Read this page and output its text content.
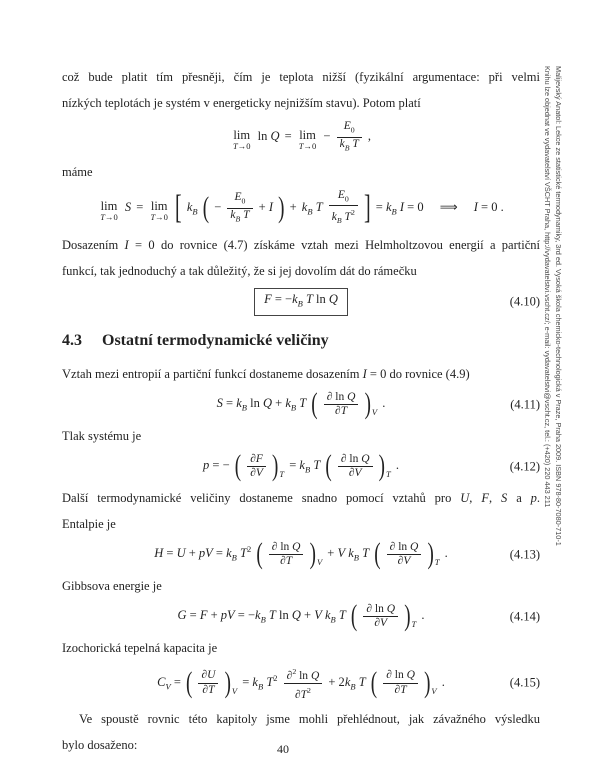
což bude platit tím přesněji, čím je teplota nižší (fyzikální argumentace: při velmi
nízkých teplotách je systém v energeticky nejnižším stavu). Potom platí
lim
T→0
ln Q = lim
T→0
− $\frac{E_0}{k_B T}$ ,
máme
lim
T→0
S = lim
T→0 [ $k_B$ ( − $\frac{E_0}{k_B T} + I$ ) + $k_B$ T $\frac{E_0}{k_B T^2}$ ] = $k_B$ I = 0 ⟹ I = 0 .
Dosazením I = 0 do rovnice (4.7) získáme vztah mezi Helmholtzovou energií a partiční
funkcí, tak jednoduchý a tak důležitý, že si jej dovolím dát do rámečku
$F = -k_B$ T ln Q	(4.10)
4.3 Ostatní termodynamické veličiny
Vztah mezi entropií a partiční funkcí dostaneme dosazením I = 0 do rovnice (4.9)
$S = k_B$ $\ln Q + k_B$ T ( $\frac{\text{∂ ln Q}}{\partial T} )_V$ .	(4.11)
Tlak systému je
p = − ( $\frac{\partial F}{\partial V} )_T = k_B$ T ( $\frac{\text{∂ ln Q}}{\partial V} )_T$ .	(4.12)
Další termodynamické veličiny dostaneme snadno pomocí vztahů pro U, F, S a p.
Entalpie je
H = U + pV = $k_B$ $T^2$ ( $\frac{\text{∂ ln Q}}{\partial T} )_V + V$ $k_B$ T ( $\frac{\text{∂ ln Q}}{\partial V} )_T$ .	(4.13)
Gibbsova energie je
G = F + pV = $-k_B$ T ln Q + V $k_B$ T ( $\frac{\text{∂ ln Q}}{\partial V} )_T$ .	(4.14)
Izochorická tepelná kapacita je
$C_V$ = ( $\frac{\partial U}{\partial T} )_V = k_B$ $T^2 \frac{\partial^2 \ln Q}{\partial T^2} + 2k_B$ T ( $\frac{\text{∂ ln Q}}{\partial T} )_V$ .	(4.15)
Ve spoustě rovnic této kapitoly jsme mohli přehlédnout, jak závažného výsledku
bylo dosaženo:	40
Malijevský Anatol: Lekce ze statistické termodynamiky, 3rd ed. Vysoká škola chemicko-technologická v Praze, Praha 2009. ISBN 978-80-7080-710-1
Knihu lze objednat ve vydavatelství VŠCHT Praha, http://vydavatelstvi.vscht.cz/; e-mail: vydavatelstvi@vscht.cz, tel.: (+420) 220 443 211
